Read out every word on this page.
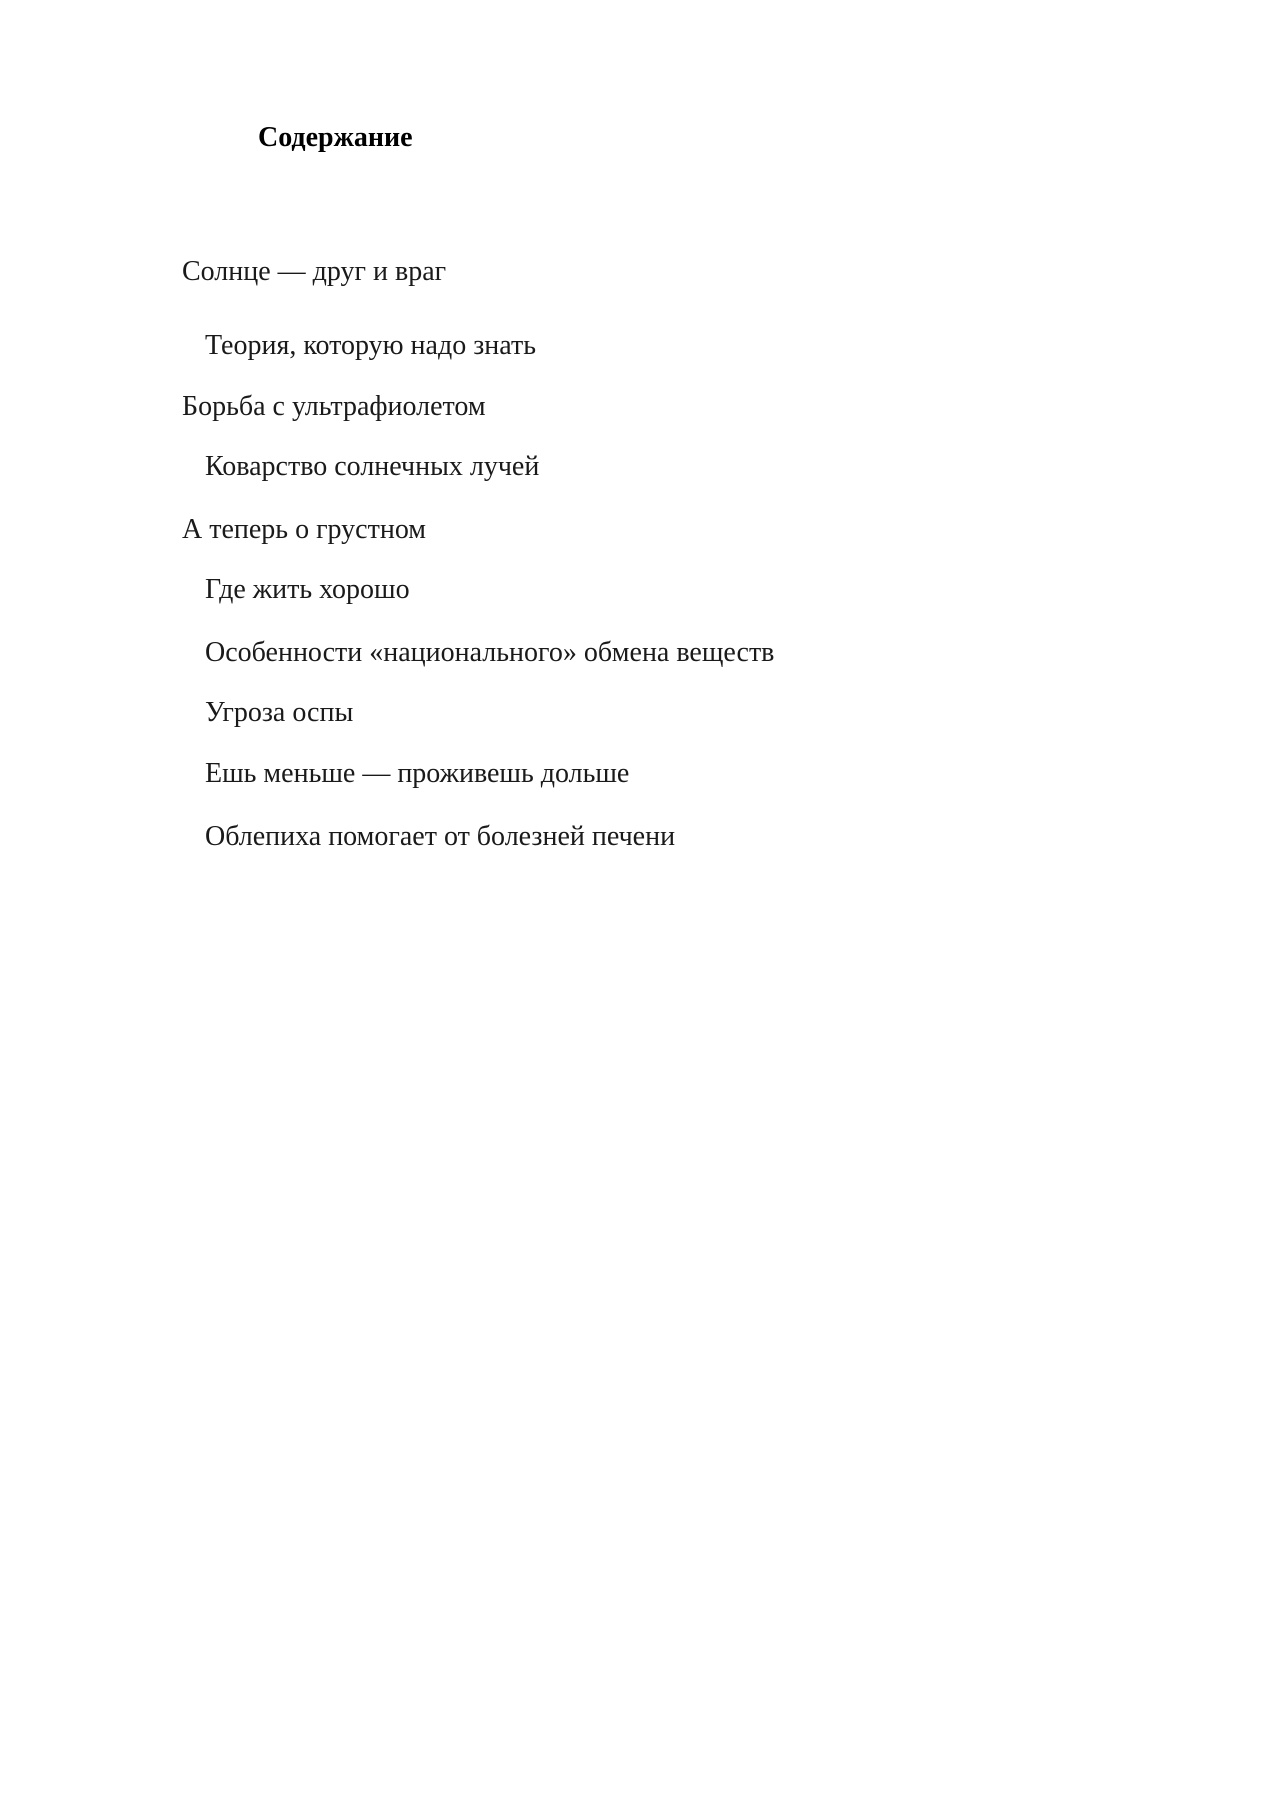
Содержание
Солнце — друг и враг
Теория, которую надо знать
Борьба с ультрафиолетом
Коварство солнечных лучей
А теперь о грустном
Где жить хорошо
Особенности «национального» обмена веществ
Угроза оспы
Ешь меньше — проживешь дольше
Облепиха помогает от болезней печени
